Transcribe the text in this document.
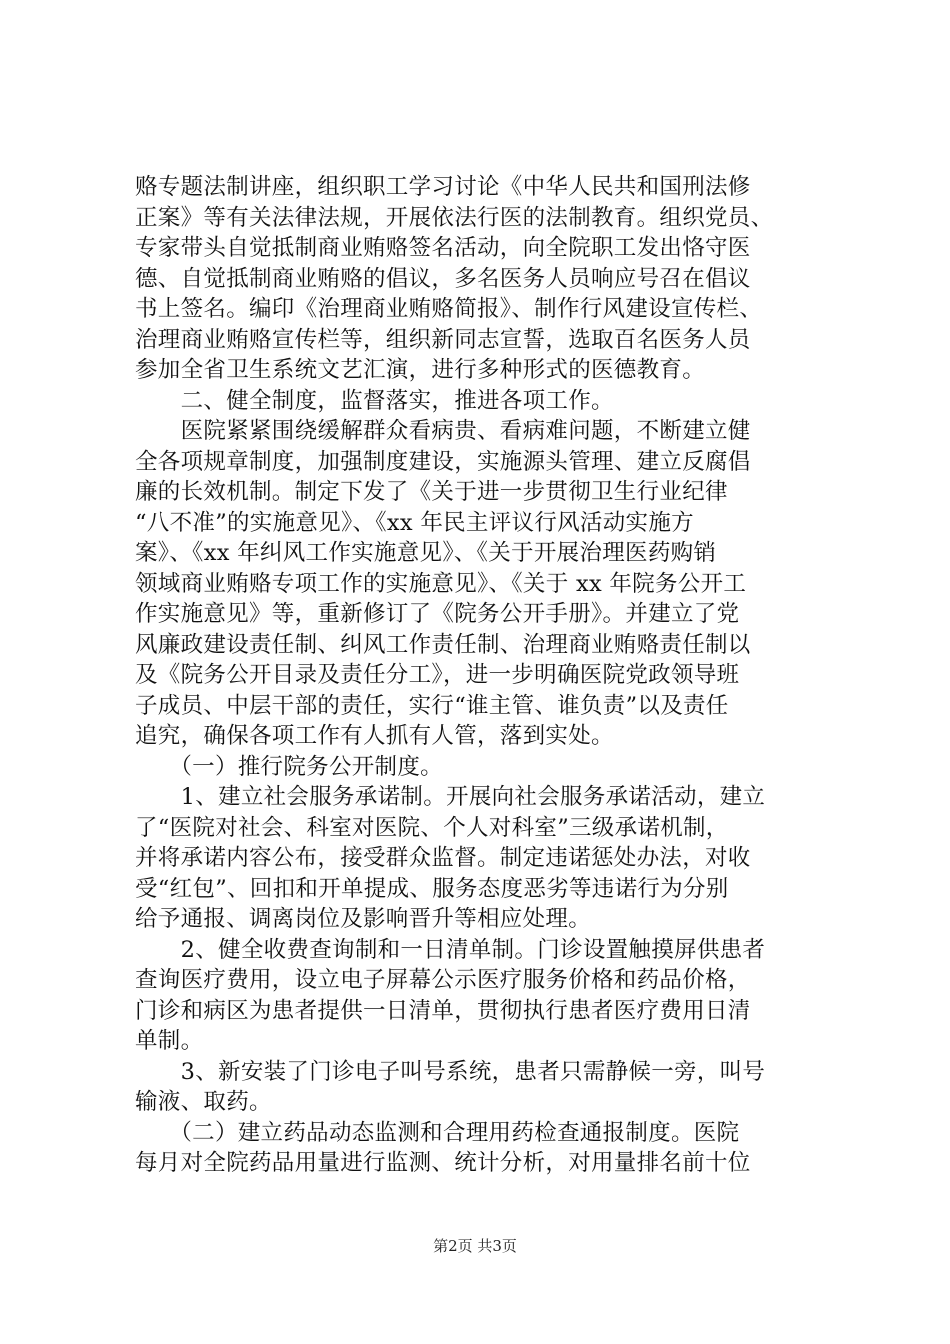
赂专题法制讲座，组织职工学习讨论《中华人民共和国刑法修
正案》等有关法律法规，开展依法行医的法制教育。组织党员、
专家带头自觉抵制商业贿赂签名活动，向全院职工发出恪守医
德、自觉抵制商业贿赂的倡议，多名医务人员响应号召在倡议
书上签名。编印《治理商业贿赂简报》、制作行风建设宣传栏、
治理商业贿赂宣传栏等，组织新同志宣誓，选取百名医务人员
参加全省卫生系统文艺汇演，进行多种形式的医德教育。
　　二、健全制度，监督落实，推进各项工作。
　　医院紧紧围绕缓解群众看病贵、看病难问题，不断建立健
全各项规章制度，加强制度建设，实施源头管理、建立反腐倡
廉的长效机制。制定下发了《关于进一步贯彻卫生行业纪律
“八不准”的实施意见》、《xx 年民主评议行风活动实施方
案》、《xx 年纠风工作实施意见》、《关于开展治理医药购销
领域商业贿赂专项工作的实施意见》、《关于 xx 年院务公开工
作实施意见》等，重新修订了《院务公开手册》。并建立了党
风廉政建设责任制、纠风工作责任制、治理商业贿赂责任制以
及《院务公开目录及责任分工》，进一步明确医院党政领导班
子成员、中层干部的责任，实行“谁主管、谁负责”以及责任
追究，确保各项工作有人抓有人管，落到实处。
　　（一）推行院务公开制度。
　　1、建立社会服务承诺制。开展向社会服务承诺活动，建立
了“医院对社会、科室对医院、个人对科室”三级承诺机制，
并将承诺内容公布，接受群众监督。制定违诺惩处办法，对收
受“红包”、回扣和开单提成、服务态度恶劣等违诺行为分别
给予通报、调离岗位及影响晋升等相应处理。
　　2、健全收费查询制和一日清单制。门诊设置触摸屏供患者
查询医疗费用，设立电子屏幕公示医疗服务价格和药品价格，
门诊和病区为患者提供一日清单，贯彻执行患者医疗费用日清
单制。
　　3、新安装了门诊电子叫号系统，患者只需静候一旁，叫号
输液、取药。
　　（二）建立药品动态监测和合理用药检查通报制度。医院
每月对全院药品用量进行监测、统计分析，对用量排名前十位
第2页 共3页
